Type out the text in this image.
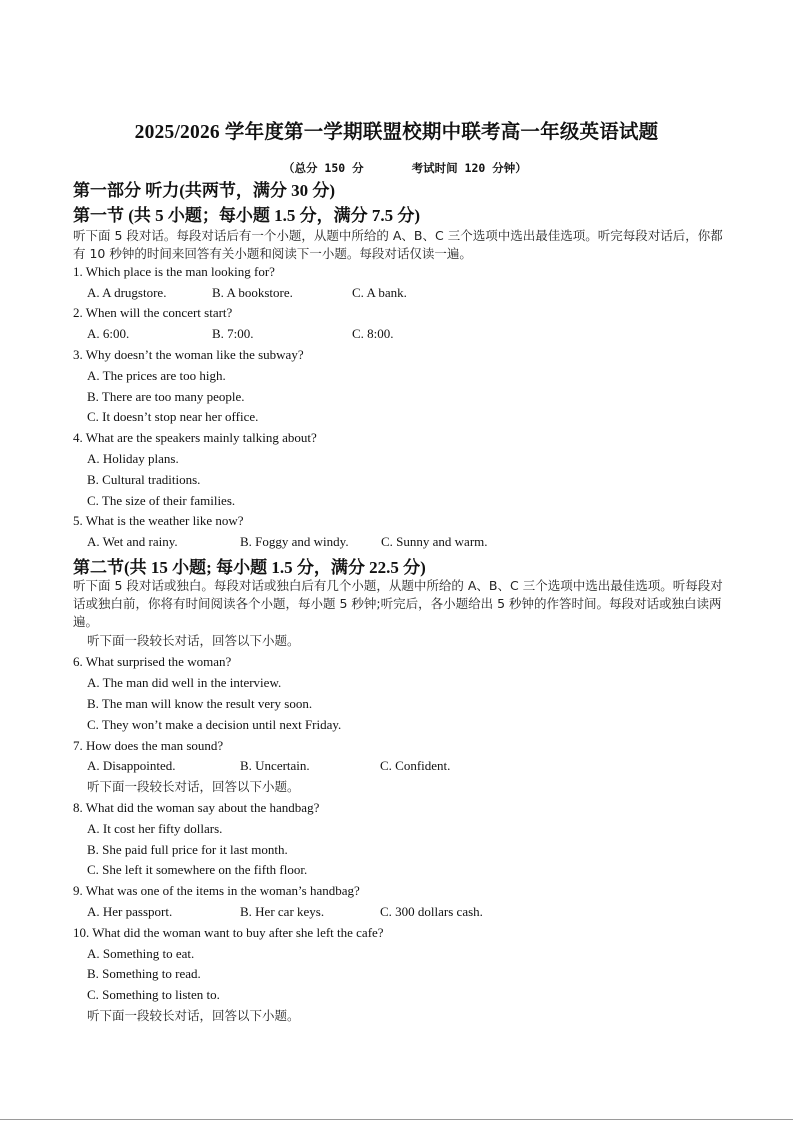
2025/2026 学年度第一学期联盟校期中联考高一年级英语试题
（总分 150 分	考试时间 120 分钟）
第一部分 听力(共两节，满分 30 分)
第一节 (共 5 小题；每小题 1.5 分，满分 7.5 分)
听下面 5 段对话。每段对话后有一个小题，从题中所给的 A、B、C 三个选项中选出最佳选项。听完每段对话后，你都有 10 秒钟的时间来回答有关小题和阅读下一小题。每段对话仅读一遍。
1. Which place is the man looking for?
A. A drugstore.	B. A bookstore.	C. A bank.
2. When will the concert start?
A. 6:00.	B. 7:00.	C. 8:00.
3. Why doesn’t the woman like the subway?
A. The prices are too high.
B. There are too many people.
C. It doesn’t stop near her office.
4. What are the speakers mainly talking about?
A. Holiday plans.
B. Cultural traditions.
C. The size of their families.
5. What is the weather like now?
A. Wet and rainy.	B. Foggy and windy. C. Sunny and warm.
第二节(共 15 小题; 每小题 1.5 分，满分 22.5 分)
听下面 5 段对话或独白。每段对话或独白后有几个小题，从题中所给的 A、B、C 三个选项中选出最佳选项。听每段对话或独白前，你将有时间阅读各个小题，每小题 5 秒钟;听完后，各小题给出 5 秒钟的作答时间。每段对话或独白读两遍。
听下面一段较长对话，回答以下小题。
6. What surprised the woman?
A. The man did well in the interview.
B. The man will know the result very soon.
C. They won’t make a decision until next Friday.
7. How does the man sound?
A. Disappointed.	B. Uncertain.	C. Confident.
听下面一段较长对话，回答以下小题。
8. What did the woman say about the handbag?
A. It cost her fifty dollars.
B. She paid full price for it last month.
C. She left it somewhere on the fifth floor.
9. What was one of the items in the woman’s handbag?
A. Her passport.	B. Her car keys.	C. 300 dollars cash.
10. What did the woman want to buy after she left the cafe?
A. Something to eat.
B. Something to read.
C. Something to listen to.
听下面一段较长对话，回答以下小题。
